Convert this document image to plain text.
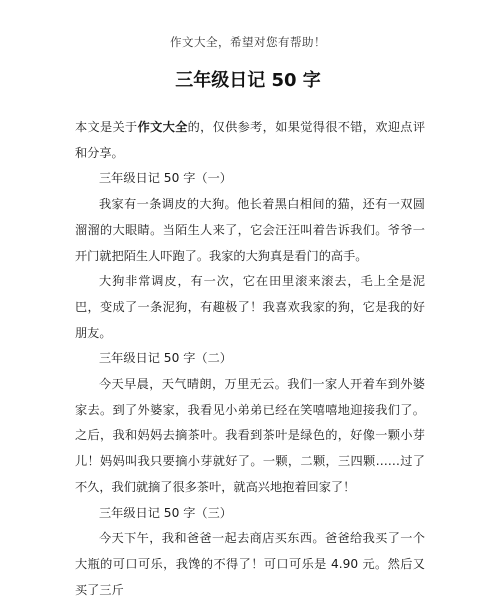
作文大全，希望对您有帮助！
三年级日记 50 字

本文是关于作文大全的，仅供参考，如果觉得很不错，欢迎点评和分享。

三年级日记 50 字（一）

我家有一条调皮的大狗。他长着黑白相间的猫，还有一双圆溜溜的大眼睛。当陌生人来了，它会汪汪叫着告诉我们。爷爷一开门就把陌生人吓跑了。我家的大狗真是看门的高手。

大狗非常调皮，有一次，它在田里滚来滚去，毛上全是泥巴，变成了一条泥狗，有趣极了！我喜欢我家的狗，它是我的好朋友。

三年级日记 50 字（二）

今天早晨，天气晴朗，万里无云。我们一家人开着车到外婆家去。到了外婆家，我看见小弟弟已经在笑嘻嘻地迎接我们了。之后，我和妈妈去摘茶叶。我看到茶叶是绿色的，好像一颗小芽儿！妈妈叫我只要摘小芽就好了。一颗，二颗，三四颗……过了不久，我们就摘了很多茶叶，就高兴地抱着回家了！

三年级日记 50 字（三）

今天下午，我和爸爸一起去商店买东西。爸爸给我买了一个大瓶的可口可乐，我馋的不得了！可口可乐是 4.90 元。然后又买了三斤
